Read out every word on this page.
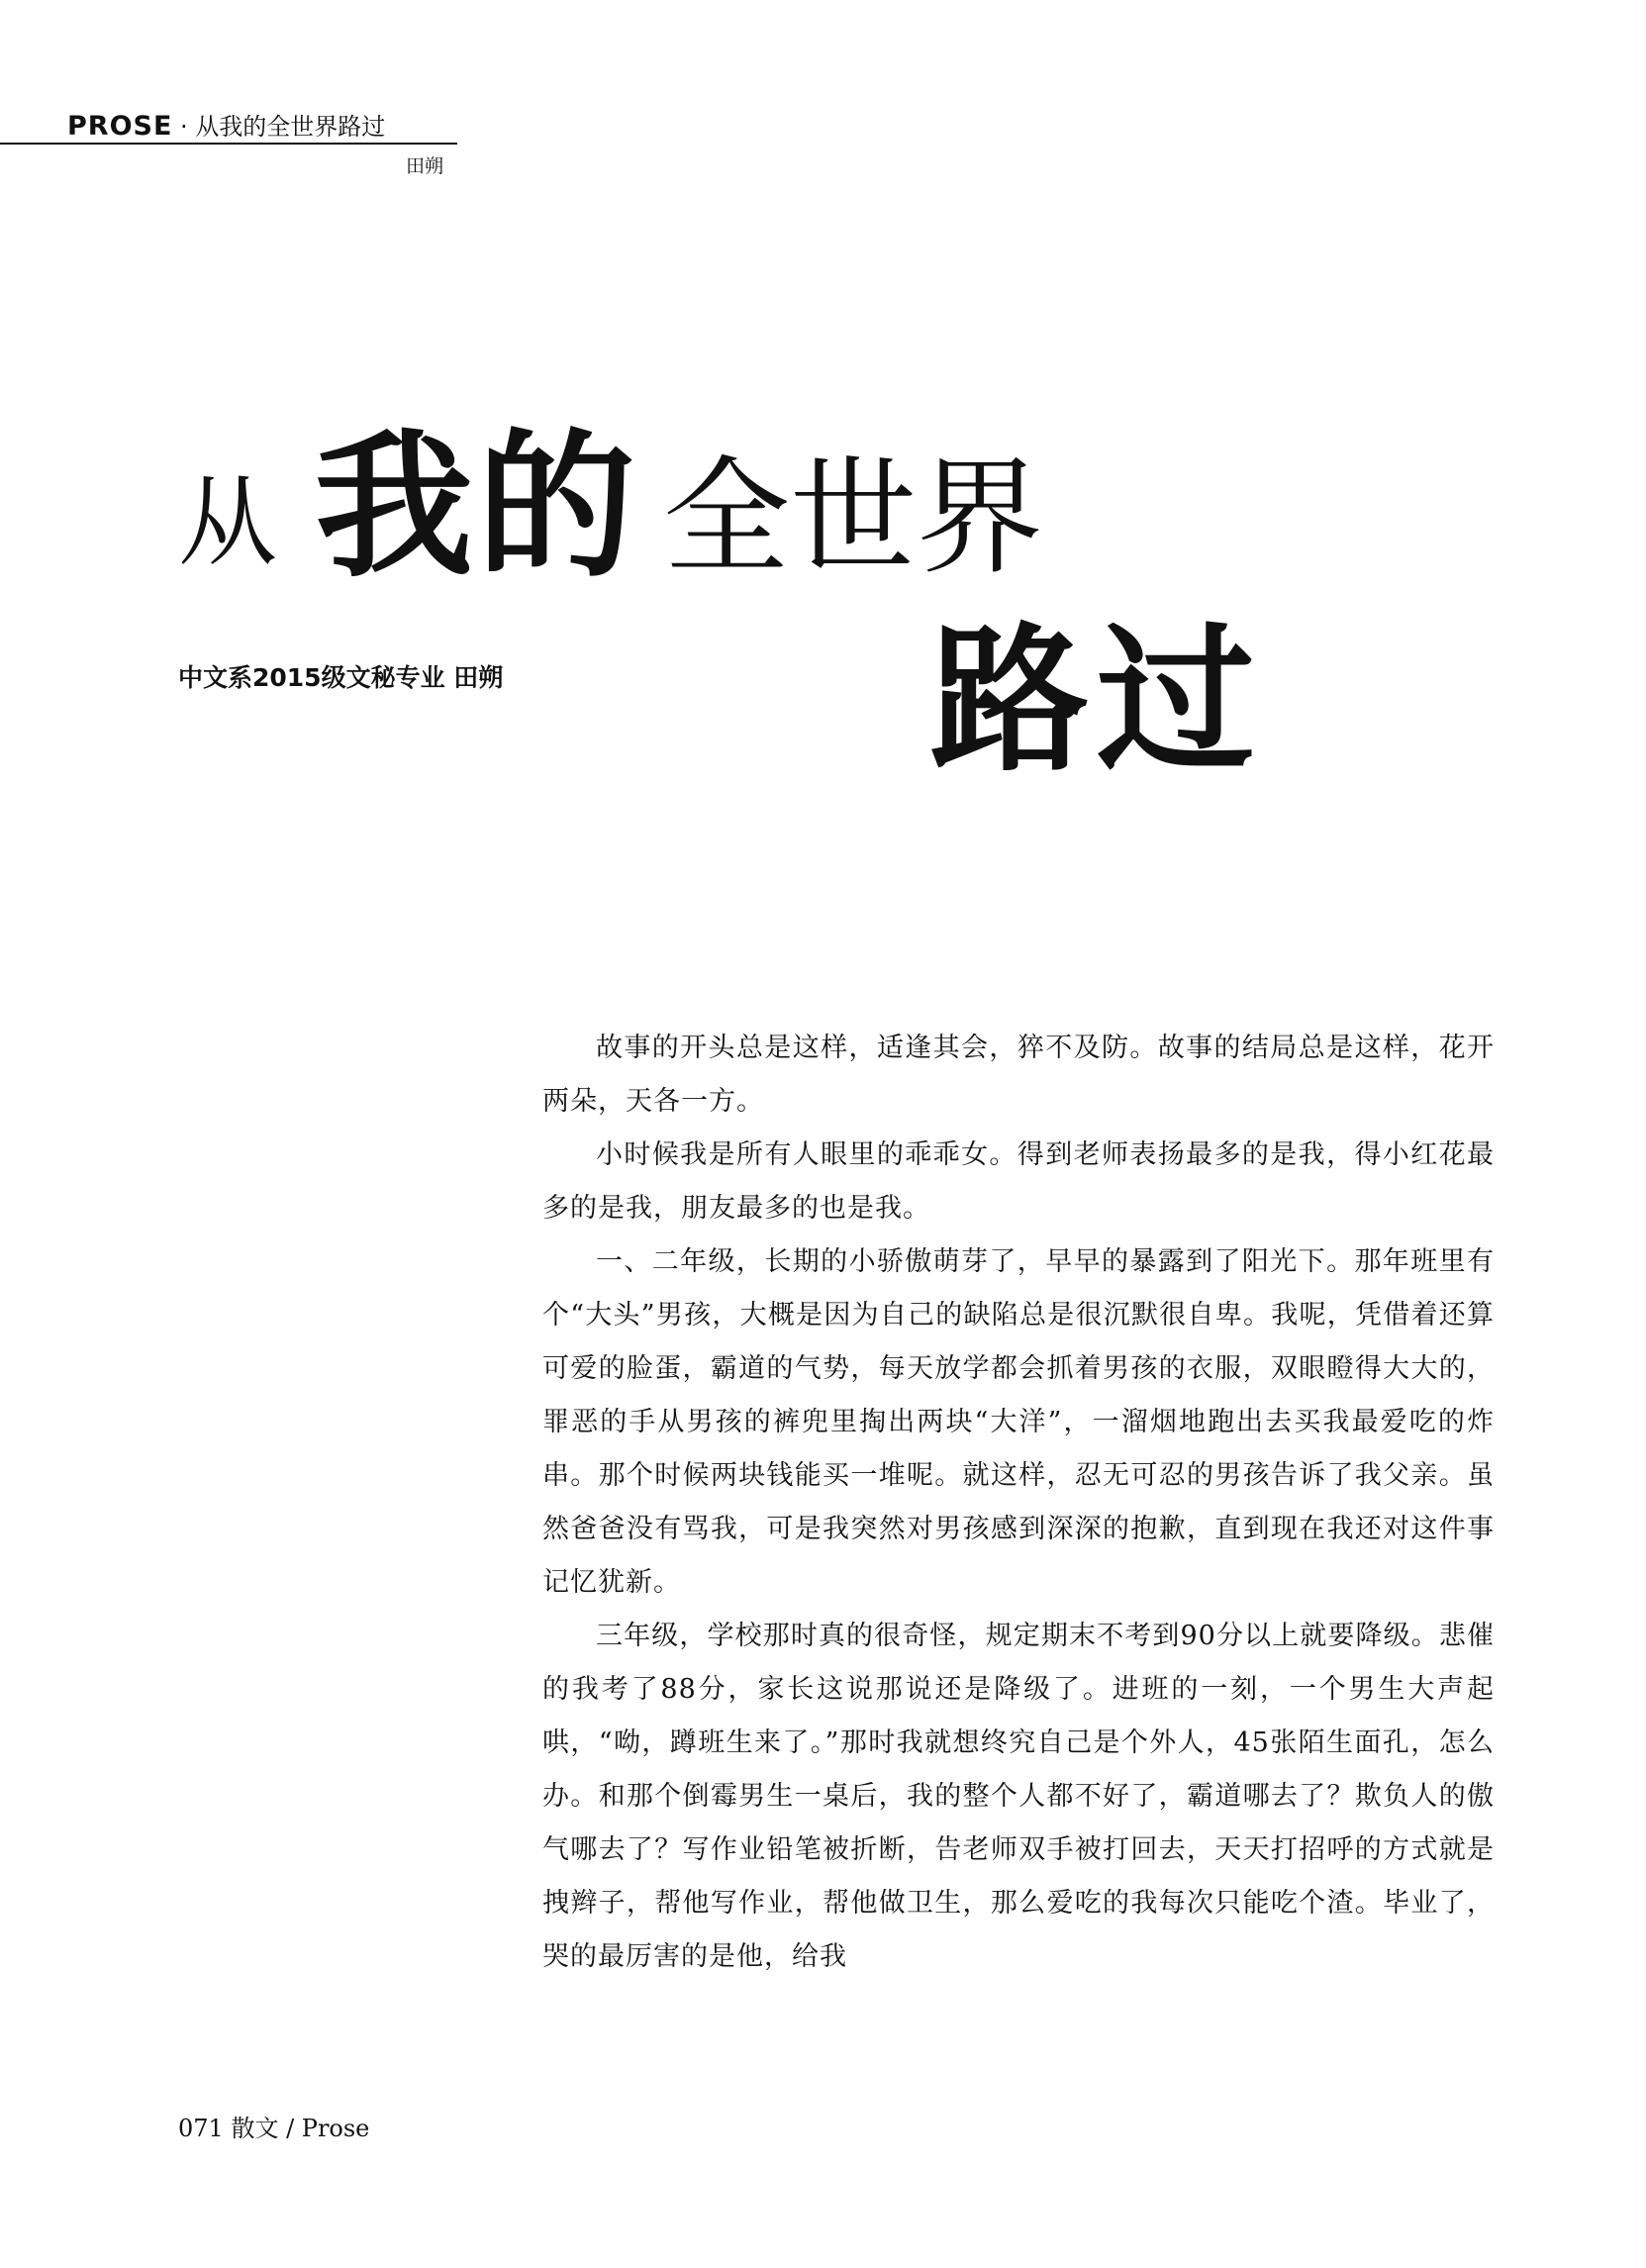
PROSE · 从我的全世界路过
田朔
从 我的 全世界
路过
中文系2015级文秘专业 田朔

故事的开头总是这样，适逢其会，猝不及防。故事的结局总是这样，花开两朵，天各一方。

小时候我是所有人眼里的乖乖女。得到老师表扬最多的是我，得小红花最多的是我，朋友最多的也是我。

一、二年级，长期的小骄傲萌芽了，早早的暴露到了阳光下。那年班里有个“大头”男孩，大概是因为自己的缺陷总是很沉默很自卑。我呢，凭借着还算可爱的脸蛋，霸道的气势，每天放学都会抓着男孩的衣服，双眼瞪得大大的，罪恶的手从男孩的裤兜里掏出两块“大洋”，一溜烟地跑出去买我最爱吃的炸串。那个时候两块钱能买一堆呢。就这样，忍无可忍的男孩告诉了我父亲。虽然爸爸没有骂我，可是我突然对男孩感到深深的抱歉，直到现在我还对这件事记忆犹新。

三年级，学校那时真的很奇怪，规定期末不考到90分以上就要降级。悲催的我考了88分，家长这说那说还是降级了。进班的一刻，一个男生大声起哄，“呦，蹲班生来了。”那时我就想终究自己是个外人，45张陌生面孔，怎么办。和那个倒霉男生一桌后，我的整个人都不好了，霸道哪去了？欺负人的傲气哪去了？写作业铅笔被折断，告老师双手被打回去，天天打招呼的方式就是拽辫子，帮他写作业，帮他做卫生，那么爱吃的我每次只能吃个渣。毕业了，哭的最厉害的是他，给我

071 散文 / Prose
